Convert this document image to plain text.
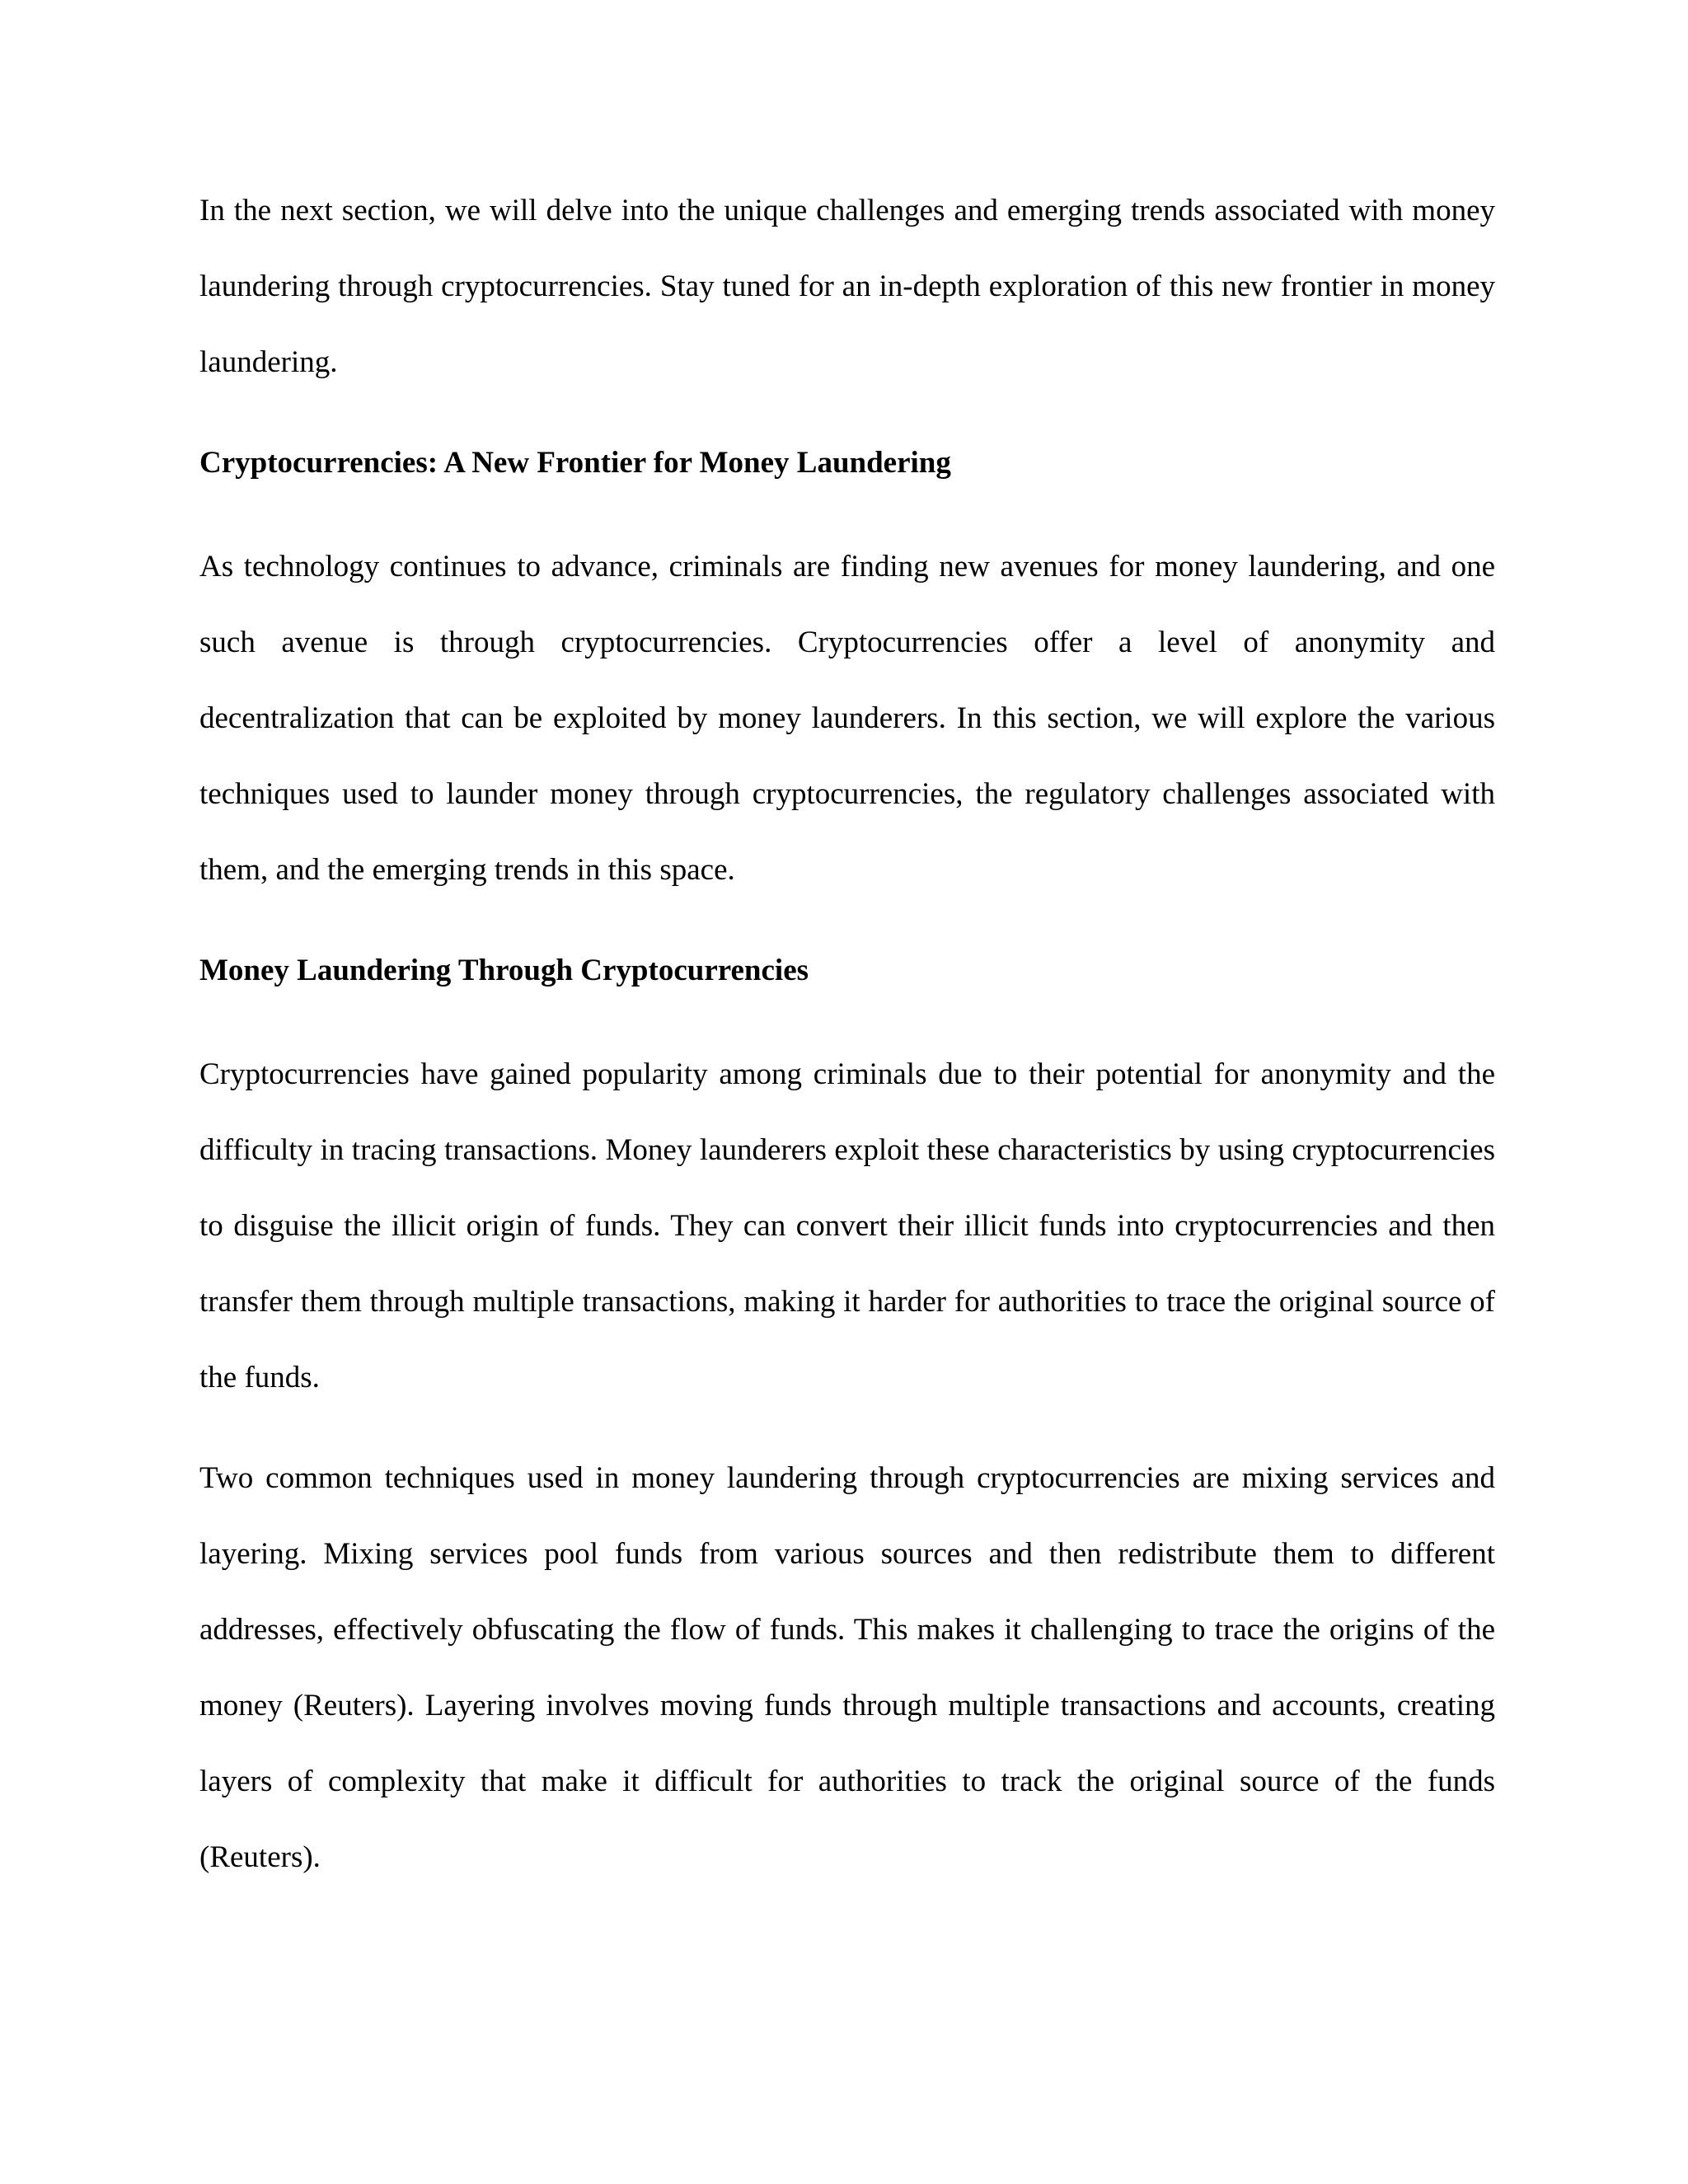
In the next section, we will delve into the unique challenges and emerging trends associated with money laundering through cryptocurrencies. Stay tuned for an in-depth exploration of this new frontier in money laundering.

Cryptocurrencies: A New Frontier for Money Laundering

As technology continues to advance, criminals are finding new avenues for money laundering, and one such avenue is through cryptocurrencies. Cryptocurrencies offer a level of anonymity and decentralization that can be exploited by money launderers. In this section, we will explore the various techniques used to launder money through cryptocurrencies, the regulatory challenges associated with them, and the emerging trends in this space.

Money Laundering Through Cryptocurrencies

Cryptocurrencies have gained popularity among criminals due to their potential for anonymity and the difficulty in tracing transactions. Money launderers exploit these characteristics by using cryptocurrencies to disguise the illicit origin of funds. They can convert their illicit funds into cryptocurrencies and then transfer them through multiple transactions, making it harder for authorities to trace the original source of the funds.

Two common techniques used in money laundering through cryptocurrencies are mixing services and layering. Mixing services pool funds from various sources and then redistribute them to different addresses, effectively obfuscating the flow of funds. This makes it challenging to trace the origins of the money (Reuters). Layering involves moving funds through multiple transactions and accounts, creating layers of complexity that make it difficult for authorities to track the original source of the funds (Reuters).
